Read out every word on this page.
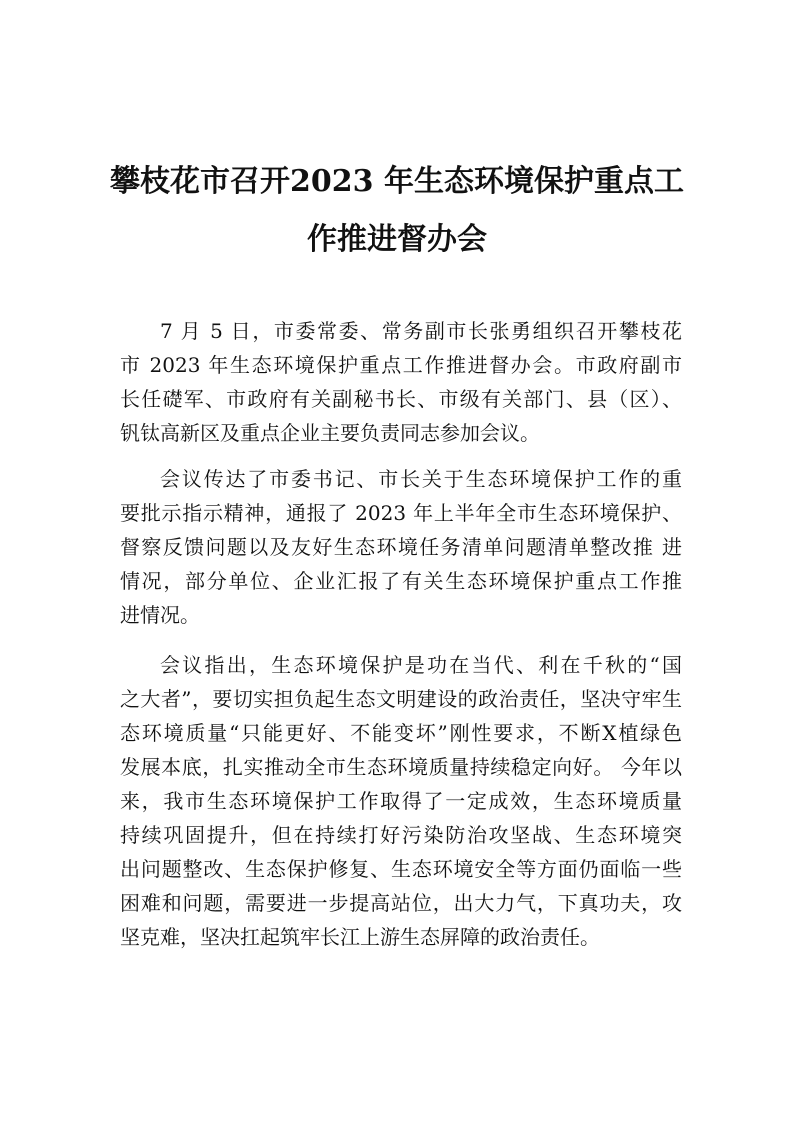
攀枝花市召开2023 年生态环境保护重点工
作推进督办会
7 月 5 日，市委常委、常务副市长张勇组织召开攀枝花
市 2023 年生态环境保护重点工作推进督办会。市政府副市
长任礎军、市政府有关副秘书长、市级有关部门、县（区）、
钒钛高新区及重点企业主要负责同志参加会议。
会议传达了市委书记、市长关于生态环境保护工作的重
要批示指示精神，通报了 2023 年上半年全市生态环境保护、
督察反馈问题以及友好生态环境任务清单问题清单整改推 进
情况，部分单位、企业汇报了有关生态环境保护重点工作推
进情况。
会议指出，生态环境保护是功在当代、利在千秋的“国
之大者”，要切实担负起生态文明建设的政治责任，坚决守牢生
态环境质量“只能更好、不能变坏”刚性要求，不断X植绿色
发展本底，扎实推动全市生态环境质量持续稳定向好。 今年以
来，我市生态环境保护工作取得了一定成效，生态环境质量
持续巩固提升，但在持续打好污染防治攻坚战、生态环境突
出问题整改、生态保护修复、生态环境安全等方面仍面临一些
困难和问题，需要进一步提高站位，出大力气，下真功夫，攻
坚克难，坚决扛起筑牢长江上游生态屏障的政治责任。
